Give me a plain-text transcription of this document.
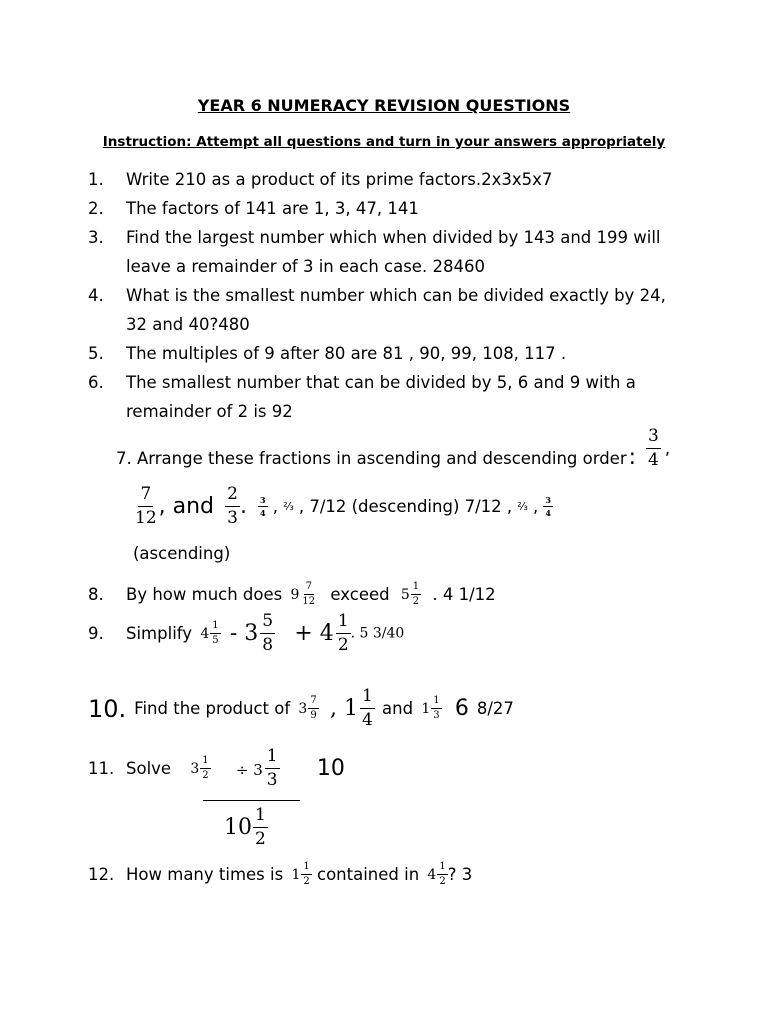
YEAR 6 NUMERACY REVISION QUESTIONS
Instruction: Attempt all questions and turn in your answers appropriately
1. Write 210 as a product of its prime factors.2x3x5x7
2. The factors of 141 are 1, 3, 47, 141
3. Find the largest number which when divided by 143 and 199 will
leave a remainder of 3 in each case. 28460
4. What is the smallest number which can be divided exactly by 24,
32 and 40?480
5. The multiples of 9 after 80 are 81 , 90, 99, 108, 117 .
6. The smallest number that can be divided by 5, 6 and 9 with a
remainder of 2 is 92
7. Arrange these fractions in ascending and descending order: $\frac{3}{4}$ ,
$\frac{7}{12}$ , and $\frac{2}{3}$ . $\frac{3}{4}$ , ⅔ , 7/12 (descending) 7/12 , ⅔ , $\frac{3}{4}$
(ascending)
8. By how much does $9 \frac{7}{12}$ exceed $5 \frac{1}{2}$ . 4 1/12
9. Simplify $4 \frac{1}{5} - 3 \frac{5}{8} + 4 \frac{1}{2}$ . 5 3/40
10. Find the product of $3 \frac{7}{9}$ , $1 \frac{1}{4}$ and $1 \frac{1}{3} 6$ 8/27
11. Solve $3 \frac{1}{2} \div 3 \frac{1}{3} 10$
$10 \frac{1}{2}$
12. How many times is $1 \frac{1}{2}$ contained in $4 \frac{1}{2}$ ? 3
